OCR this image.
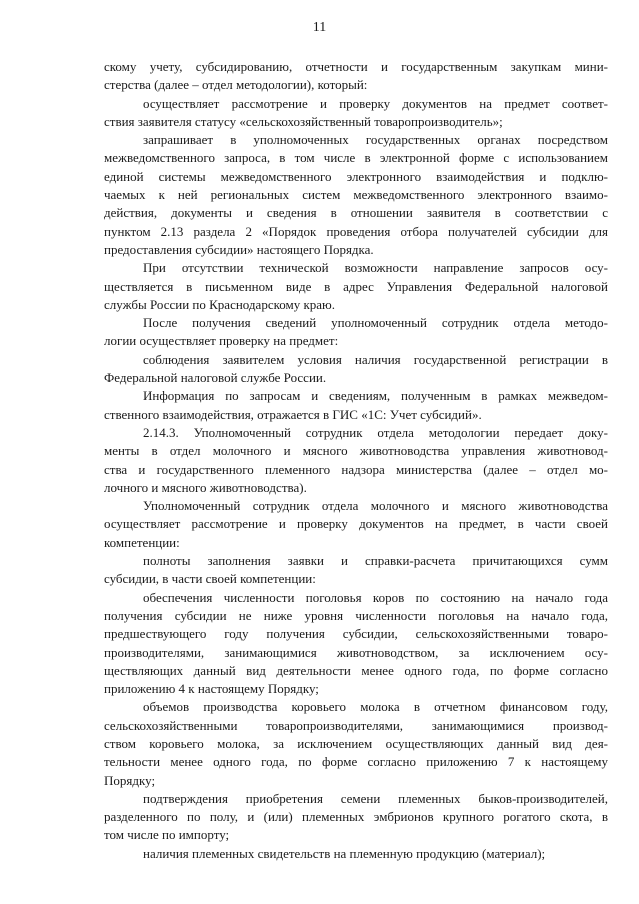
11
скому учету, субсидированию, отчетности и государственным закупкам мини-
стерства (далее – отдел методологии), который:
осуществляет рассмотрение и проверку документов на предмет соответ-
ствия заявителя статусу «сельскохозяйственный товаропроизводитель»;
запрашивает в уполномоченных государственных органах посредством
межведомственного запроса, в том числе в электронной форме с использованием
единой системы межведомственного электронного взаимодействия и подклю-
чаемых к ней региональных систем межведомственного электронного взаимо-
действия, документы и сведения в отношении заявителя в соответствии с
пунктом 2.13 раздела 2 «Порядок проведения отбора получателей субсидии для
предоставления субсидии» настоящего Порядка.
При отсутствии технической возможности направление запросов осу-
ществляется в письменном виде в адрес Управления Федеральной налоговой
службы России по Краснодарскому краю.
После получения сведений уполномоченный сотрудник отдела методо-
логии осуществляет проверку на предмет:
соблюдения заявителем условия наличия государственной регистрации в
Федеральной налоговой службе России.
Информация по запросам и сведениям, полученным в рамках межведом-
ственного взаимодействия, отражается в ГИС «1С: Учет субсидий».
2.14.3. Уполномоченный сотрудник отдела методологии передает доку-
менты в отдел молочного и мясного животноводства управления животновод-
ства и государственного племенного надзора министерства (далее – отдел мо-
лочного и мясного животноводства).
Уполномоченный сотрудник отдела молочного и мясного животноводства
осуществляет рассмотрение и проверку документов на предмет, в части своей
компетенции:
полноты заполнения заявки и справки-расчета причитающихся сумм
субсидии, в части своей компетенции:
обеспечения численности поголовья коров по состоянию на начало года
получения субсидии не ниже уровня численности поголовья на начало года,
предшествующего году получения субсидии, сельскохозяйственными товаро-
производителями, занимающимися животноводством, за исключением осу-
ществляющих данный вид деятельности менее одного года, по форме согласно
приложению 4 к настоящему Порядку;
объемов производства коровьего молока в отчетном финансовом году,
сельскохозяйственными товаропроизводителями, занимающимися производ-
ством коровьего молока, за исключением осуществляющих данный вид дея-
тельности менее одного года, по форме согласно приложению 7 к настоящему
Порядку;
подтверждения приобретения семени племенных быков-производителей,
разделенного по полу, и (или) племенных эмбрионов крупного рогатого скота, в
том числе по импорту;
наличия племенных свидетельств на племенную продукцию (материал);
